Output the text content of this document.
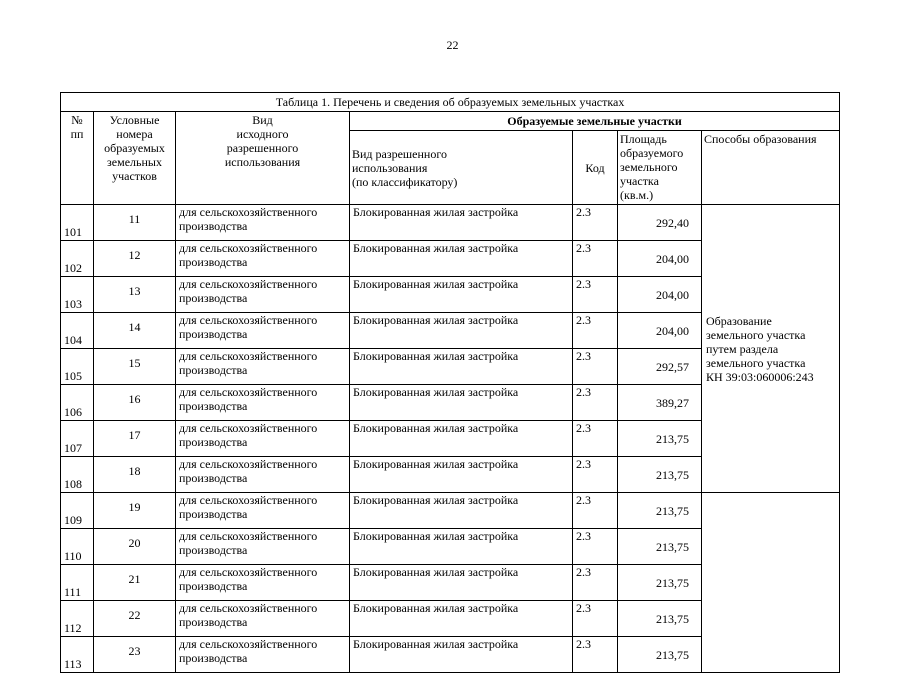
22
Таблица 1. Перечень и сведения об образуемых земельных участках						

№
пп	Условные
номера
образуемых
земельных
участков	Вид
исходного
разрешенного
использования	Образуемые земельные участки			

			Вид разрешенного
использования
(по классификатору)	Код	Площадь
образуемого
земельного
участка
(кв.м.)	Способы образования
101	11	для сельскохозяйственного
производства	Блокированная жилая застройка	2.3	292,40	Образование
земельного участка
путем раздела
земельного участка
КН 39:03:060006:243

102	12	для сельскохозяйственного
производства	Блокированная жилая застройка	2.3	204,00	
103	13	для сельскохозяйственного
производства	Блокированная жилая застройка	2.3	204,00	
104	14	для сельскохозяйственного
производства	Блокированная жилая застройка	2.3	204,00	
105	15	для сельскохозяйственного
производства	Блокированная жилая застройка	2.3	292,57	
106	16	для сельскохозяйственного
производства	Блокированная жилая застройка	2.3	389,27	
107	17	для сельскохозяйственного
производства	Блокированная жилая застройка	2.3	213,75	
108	18	для сельскохозяйственного
производства	Блокированная жилая застройка	2.3	213,75	
109	19	для сельскохозяйственного
производства	Блокированная жилая застройка	2.3	213,75	
110	20	для сельскохозяйственного
производства	Блокированная жилая застройка	2.3	213,75	
111	21	для сельскохозяйственного
производства	Блокированная жилая застройка	2.3	213,75	
112	22	для сельскохозяйственного
производства	Блокированная жилая застройка	2.3	213,75	
113	23	для сельскохозяйственного
производства	Блокированная жилая застройка	2.3	213,75	
